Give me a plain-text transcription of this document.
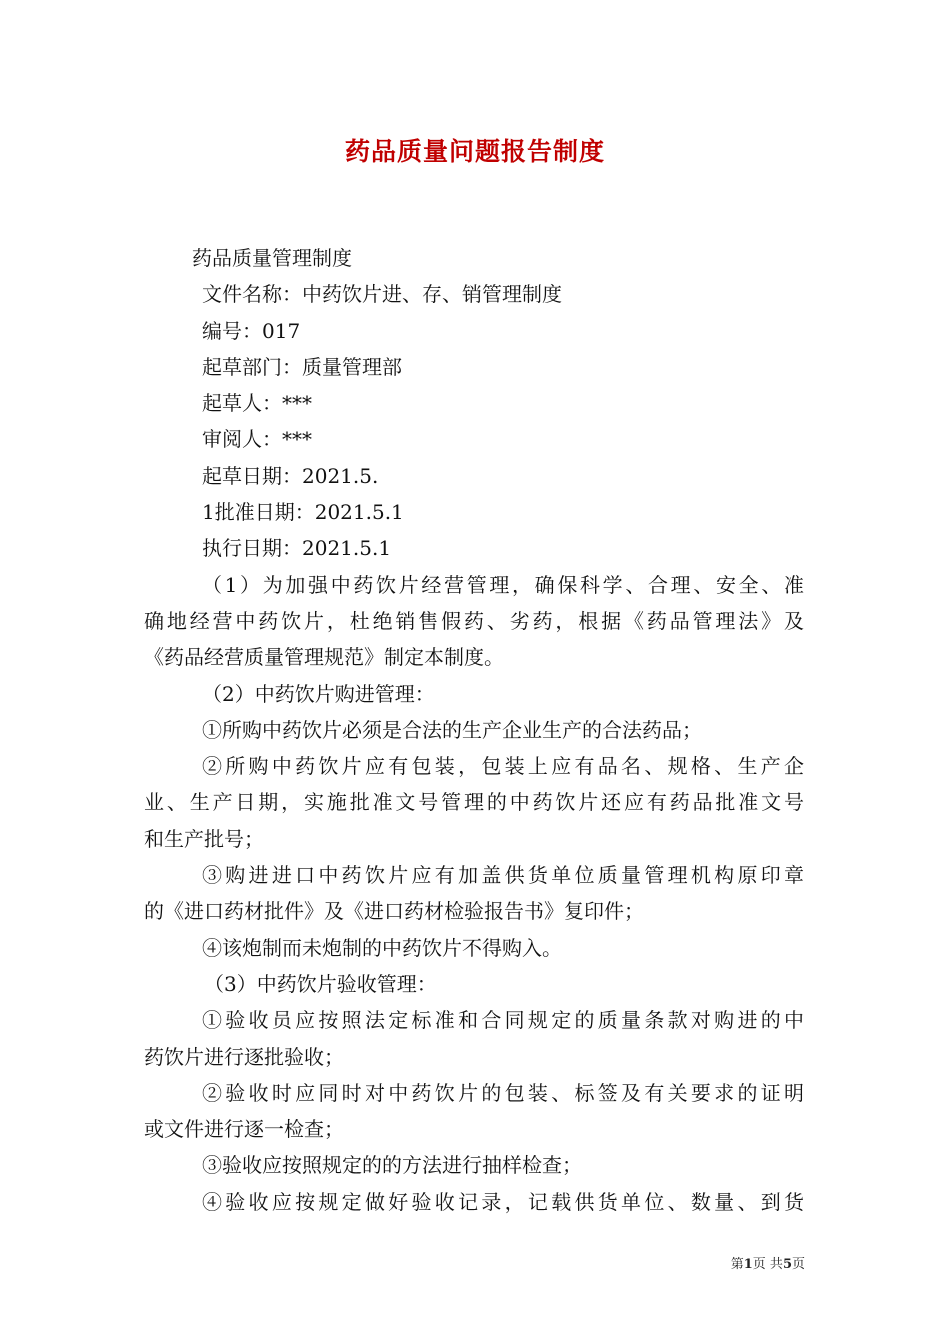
药品质量问题报告制度
药品质量管理制度
文件名称：中药饮片进、存、销管理制度
编号：017
起草部门：质量管理部
起草人：***
审阅人：***
起草日期：2021.5.
1批准日期：2021.5.1
执行日期：2021.5.1
（1）为加强中药饮片经营管理，确保科学、合理、安全、准
确地经营中药饮片，杜绝销售假药、劣药，根据《药品管理法》及
《药品经营质量管理规范》制定本制度。
（2）中药饮片购进管理：
①所购中药饮片必须是合法的生产企业生产的合法药品；
②所购中药饮片应有包装，包装上应有品名、规格、生产企
业、生产日期，实施批准文号管理的中药饮片还应有药品批准文号
和生产批号；
③购进进口中药饮片应有加盖供货单位质量管理机构原印章
的《进口药材批件》及《进口药材检验报告书》复印件；
④该炮制而未炮制的中药饮片不得购入。
（3）中药饮片验收管理：
①验收员应按照法定标准和合同规定的质量条款对购进的中
药饮片进行逐批验收；
②验收时应同时对中药饮片的包装、标签及有关要求的证明
或文件进行逐一检查；
③验收应按照规定的的方法进行抽样检查；
④验收应按规定做好验收记录，记载供货单位、数量、到货
第1页 共5页
